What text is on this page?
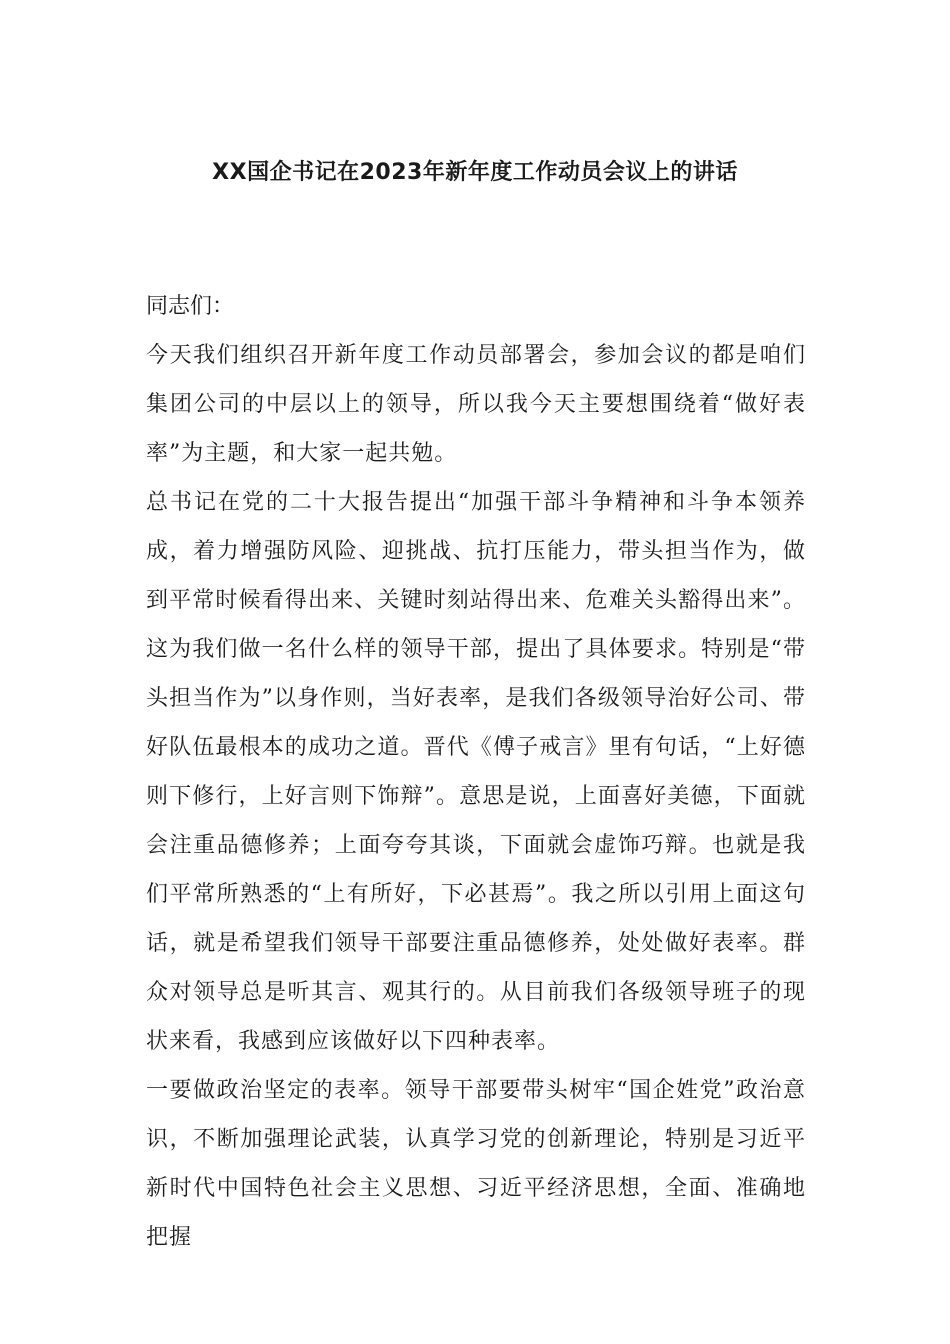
XX国企书记在2023年新年度工作动员会议上的讲话

同志们：

今天我们组织召开新年度工作动员部署会，参加会议的都是咱们集团公司的中层以上的领导，所以我今天主要想围绕着“做好表率”为主题，和大家一起共勉。

总书记在党的二十大报告提出“加强干部斗争精神和斗争本领养成，着力增强防风险、迎挑战、抗打压能力，带头担当作为，做到平常时候看得出来、关键时刻站得出来、危难关头豁得出来”。这为我们做一名什么样的领导干部，提出了具体要求。特别是“带头担当作为”以身作则，当好表率，是我们各级领导治好公司、带好队伍最根本的成功之道。晋代《傅子戒言》里有句话，“上好德则下修行，上好言则下饰辩”。意思是说，上面喜好美德，下面就会注重品德修养；上面夸夸其谈，下面就会虚饰巧辩。也就是我们平常所熟悉的“上有所好，下必甚焉”。我之所以引用上面这句话，就是希望我们领导干部要注重品德修养，处处做好表率。群众对领导总是听其言、观其行的。从目前我们各级领导班子的现状来看，我感到应该做好以下四种表率。

一要做政治坚定的表率。领导干部要带头树牢“国企姓党”政治意识，不断加强理论武装，认真学习党的创新理论，特别是习近平新时代中国特色社会主义思想、习近平经济思想，全面、准确地把握
